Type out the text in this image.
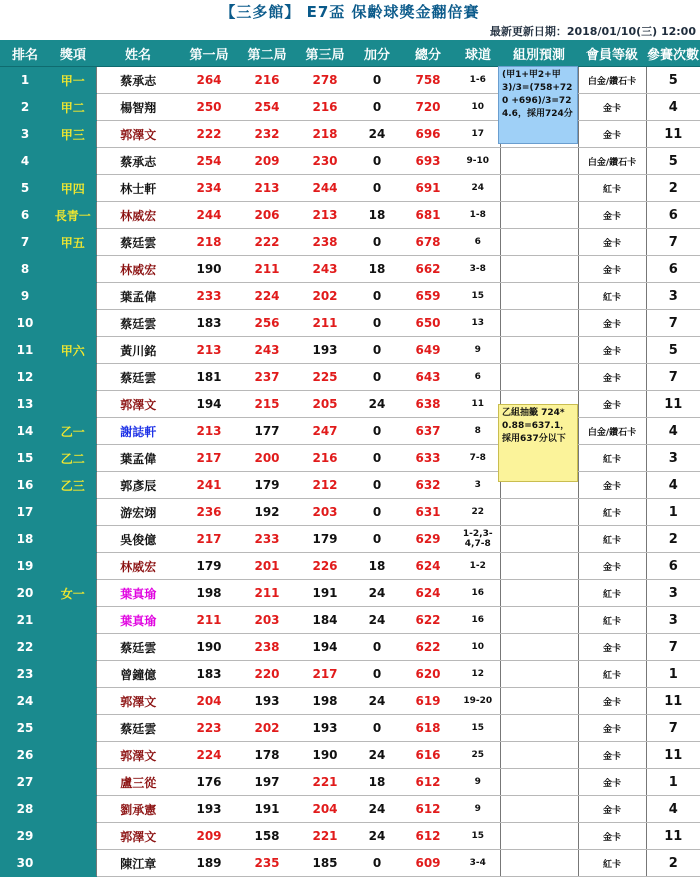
【三多館】 E7盃 保齡球獎金翻倍賽
最新更新日期：2018/01/10(三) 12:00
排名	獎項	姓名	第一局	第二局	第三局	加分	總分	球道	組別預測	會員等級	參賽次數
1	甲一	蔡承志	264	216	278	0	758	1-6		白金/鑽石卡	5
2	甲二	楊智翔	250	254	216	0	720	10		金卡	4
3	甲三	郭澤文	222	232	218	24	696	17		金卡	11
4		蔡承志	254	209	230	0	693	9-10		白金/鑽石卡	5
5	甲四	林士軒	234	213	244	0	691	24		紅卡	2
6	長青一	林威宏	244	206	213	18	681	1-8		金卡	6
7	甲五	蔡廷雲	218	222	238	0	678	6		金卡	7
8		林威宏	190	211	243	18	662	3-8		金卡	6
9		葉孟偉	233	224	202	0	659	15		紅卡	3
10		蔡廷雲	183	256	211	0	650	13		金卡	7
11	甲六	黃川銘	213	243	193	0	649	9		金卡	5
12		蔡廷雲	181	237	225	0	643	6		金卡	7
13		郭澤文	194	215	205	24	638	11		金卡	11
14	乙一	謝誌軒	213	177	247	0	637	8		白金/鑽石卡	4
15	乙二	葉孟偉	217	200	216	0	633	7-8		紅卡	3
16	乙三	郭彥辰	241	179	212	0	632	3		金卡	4
17		游宏翊	236	192	203	0	631	22		紅卡	1
18		吳俊億	217	233	179	0	629	1-2,3-4,7-8		紅卡	2
19		林威宏	179	201	226	18	624	1-2		金卡	6
20	女一	葉真瑜	198	211	191	24	624	16		紅卡	3
21		葉真瑜	211	203	184	24	622	16		紅卡	3
22		蔡廷雲	190	238	194	0	622	10		金卡	7
23		曾鐘億	183	220	217	0	620	12		紅卡	1
24		郭澤文	204	193	198	24	619	19-20		金卡	11
25		蔡廷雲	223	202	193	0	618	15		金卡	7
26		郭澤文	224	178	190	24	616	25		金卡	11
27		盧三從	176	197	221	18	612	9		金卡	1
28		劉承憲	193	191	204	24	612	9		金卡	4
29		郭澤文	209	158	221	24	612	15		金卡	11
30		陳江章	189	235	185	0	609	3-4		紅卡	2
(甲1+甲2+甲3)/3=(758+720 +696)/3=724.6，採用724分
乙組抽籤 724*0.88=637.1，採用637分以下
